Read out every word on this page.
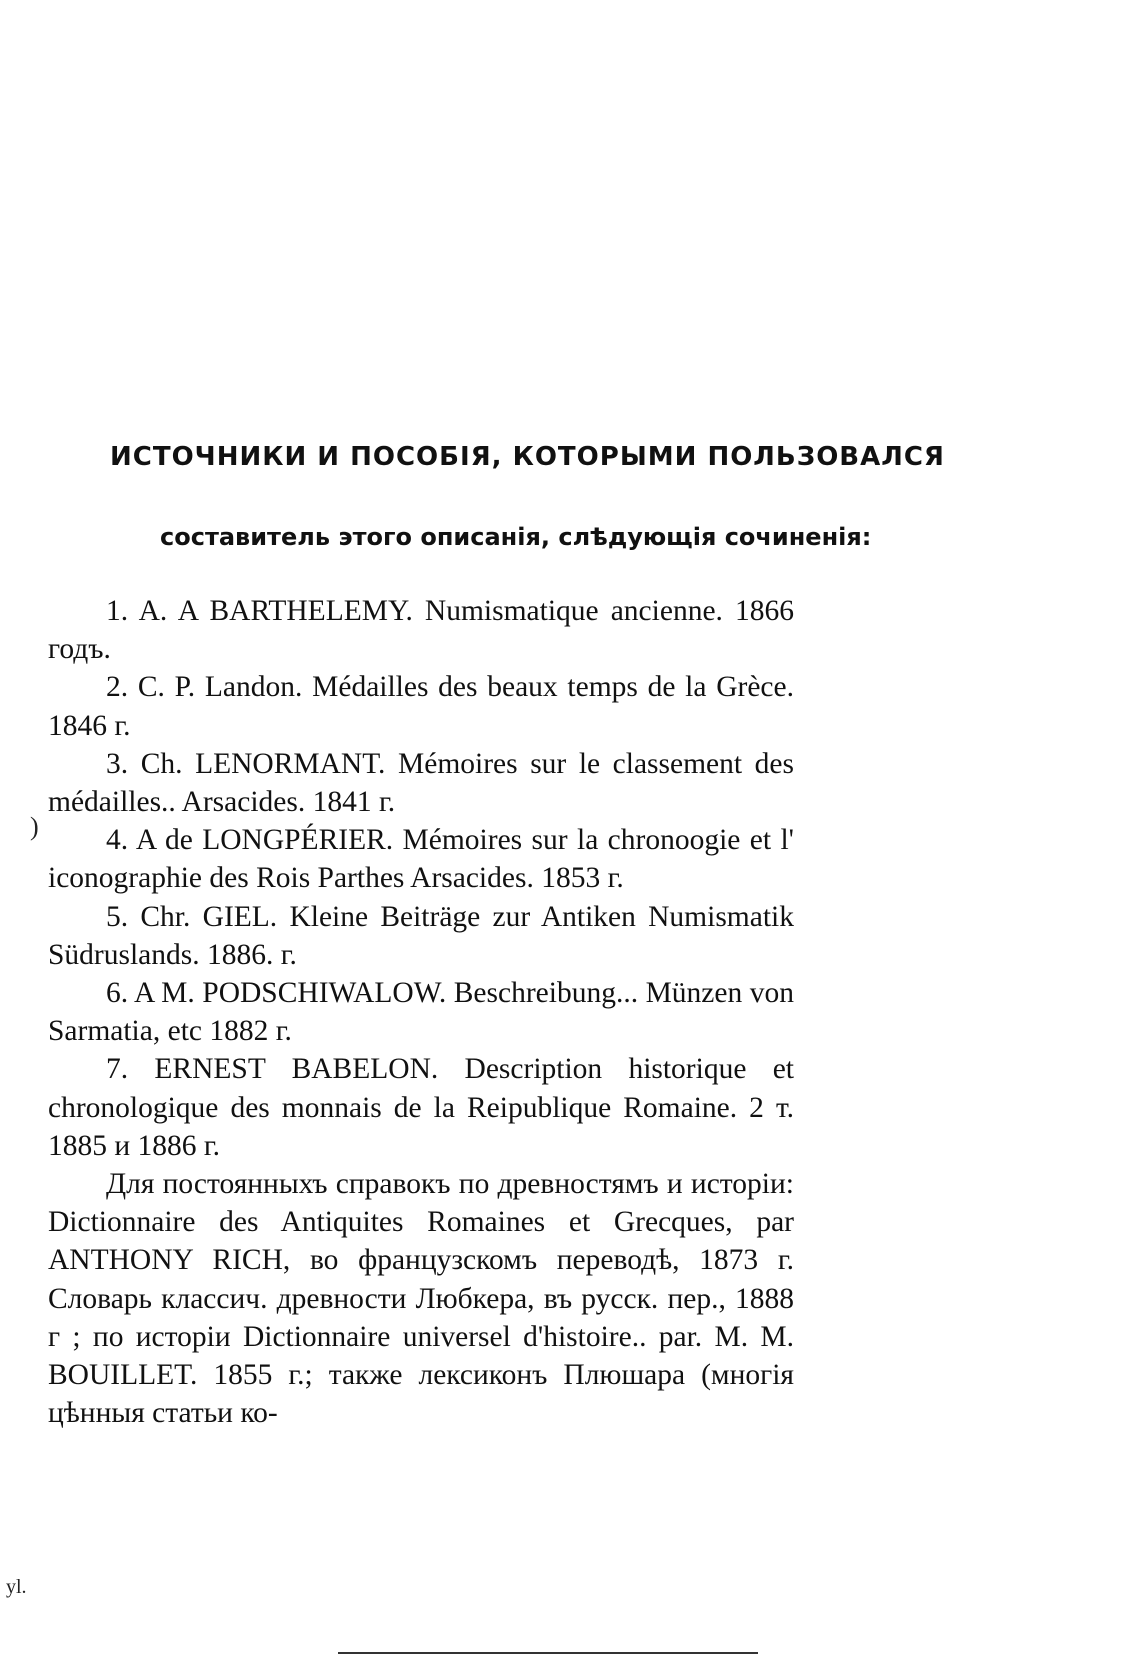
ИСТОЧНИКИ И ПОСОБІЯ, КОТОРЫМИ ПОЛЬЗОВАЛСЯ
составитель этого описанія, слѣдующія сочиненія:

1. A. A BARTHELEMY. Numismatique ancienne. 1866 годъ.

2. C. P. Landon. Médailles des beaux temps de la Grèce. 1846 г.

3. Ch. LENORMANT. Mémoires sur le classement des médailles.. Arsacides. 1841 г.

4. A de LONGPÉRIER. Mémoires sur la chronoogie et l' iconographie des Rois Parthes Arsacides. 1853 г.

5. Chr. GIEL. Kleine Beiträge zur Antiken Numismatik Südruslands. 1886. г.

6. A M. PODSCHIWALOW. Beschreibung... Münzen von Sarmatia, etc 1882 г.

7. ERNEST BABELON. Description historique et chronologique des monnais de la Reipublique Romaine. 2 т. 1885 и 1886 г.

Для постоянныхъ справокъ по древностямъ и исторіи: Dictionnaire des Antiquites Romaines et Grecques, par ANTHONY RICH, во французскомъ переводѣ, 1873 г. Словарь классич. древности Любкера, въ русск. пер., 1888 г ; по исторіи Dictionnaire universel d'histoire.. par. M. M. BOUILLET. 1855 г.; также лексиконъ Плюшара (многія цѣнныя статьи ко-

)
уl.
